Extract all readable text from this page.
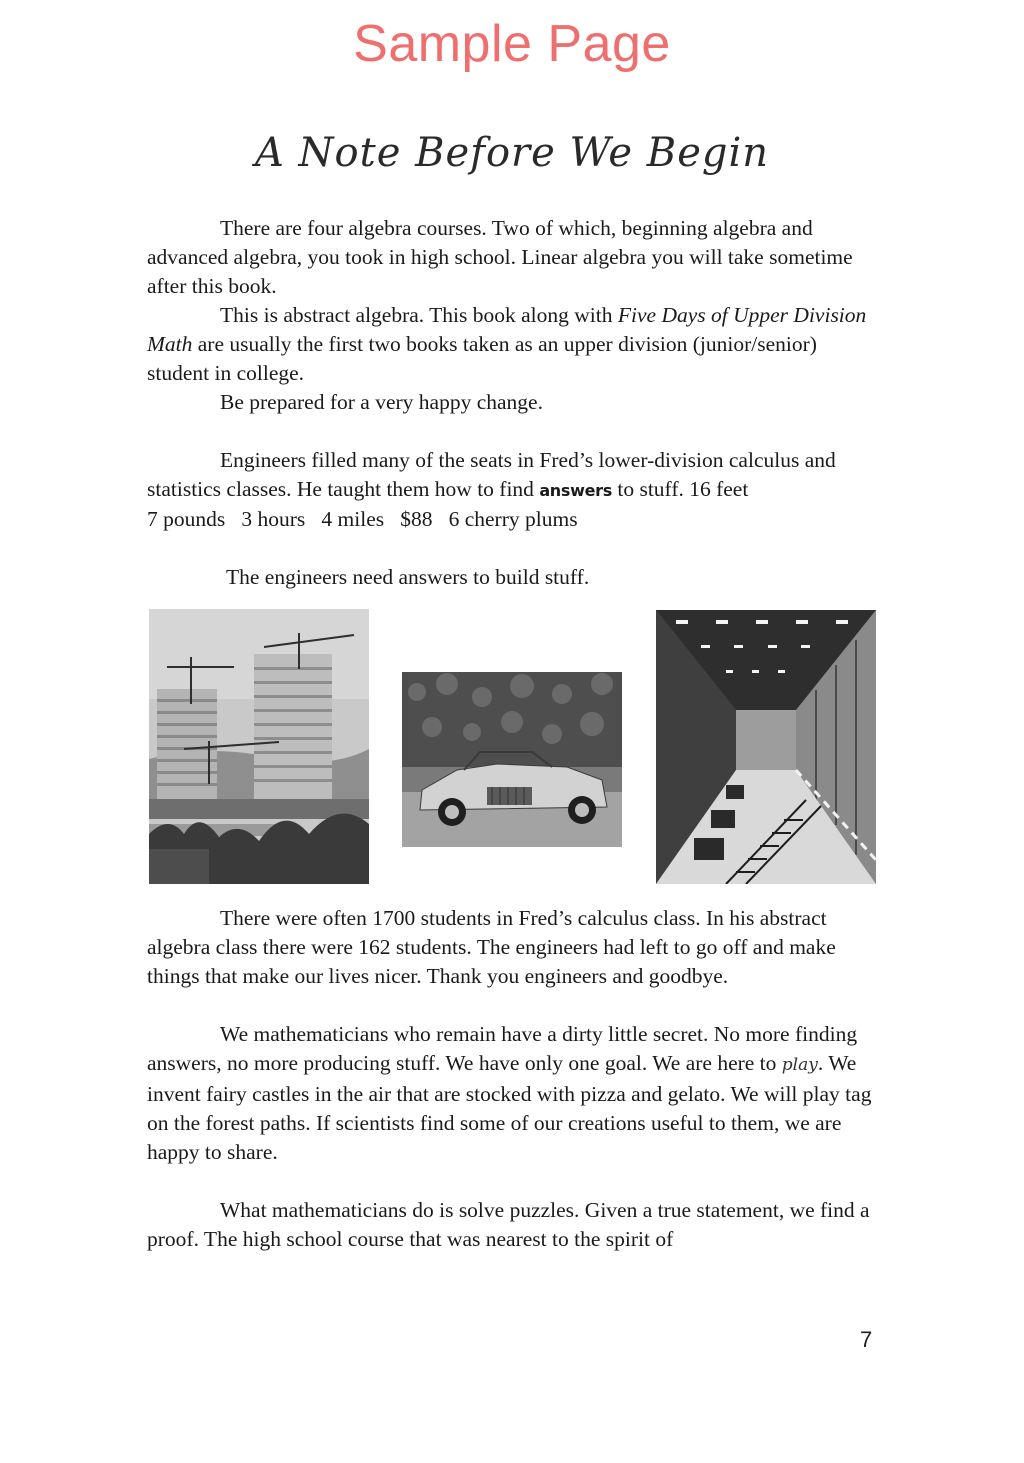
Sample Page
A Note Before We Begin

There are four algebra courses. Two of which, beginning algebra and advanced algebra, you took in high school. Linear algebra you will take sometime after this book.

This is abstract algebra. This book along with Five Days of Upper Division Math are usually the first two books taken as an upper division (junior/senior) student in college.

Be prepared for a very happy change.

Engineers filled many of the seats in Fred’s lower-division calculus and statistics classes. He taught them how to find answers to stuff. 16 feet

7 pounds   3 hours   4 miles   $88   6 cherry plums

The engineers need answers to build stuff.

There were often 1700 students in Fred’s calculus class. In his abstract algebra class there were 162 students. The engineers had left to go off and make things that make our lives nicer. Thank you engineers and goodbye.

We mathematicians who remain have a dirty little secret. No more finding answers, no more producing stuff. We have only one goal. We are here to play. We invent fairy castles in the air that are stocked with pizza and gelato. We will play tag on the forest paths. If scientists find some of our creations useful to them, we are happy to share.

What mathematicians do is solve puzzles. Given a true statement, we find a proof. The high school course that was nearest to the spirit of

7
